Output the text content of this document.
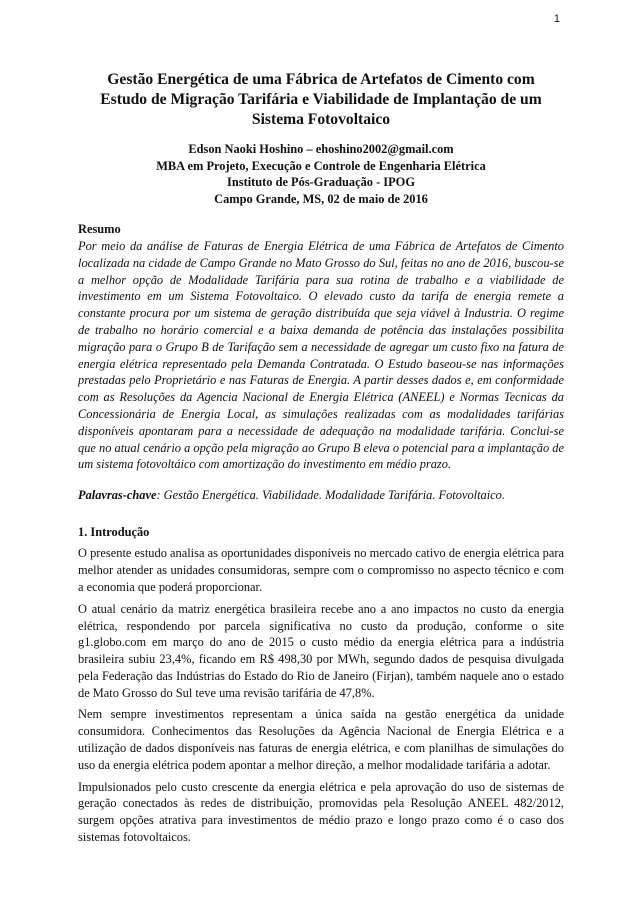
1
Gestão Energética de uma Fábrica de Artefatos de Cimento com Estudo de Migração Tarifária e Viabilidade de Implantação de um Sistema Fotovoltaico
Edson Naoki Hoshino – ehoshino2002@gmail.com
MBA em Projeto, Execução e Controle de Engenharia Elétrica
Instituto de Pós-Graduação - IPOG
Campo Grande, MS, 02 de maio de 2016
Resumo

Por meio da análise de Faturas de Energia Elétrica de uma Fábrica de Artefatos de Cimento localizada na cidade de Campo Grande no Mato Grosso do Sul, feitas no ano de 2016, buscou-se a melhor opção de Modalidade Tarifária para sua rotina de trabalho e a viabilidade de investimento em um Sistema Fotovoltaico. O elevado custo da tarifa de energia remete a constante procura por um sistema de geração distribuída que seja viável à Industria. O regime de trabalho no horário comercial e a baixa demanda de potência das instalações possibilita migração para o Grupo B de Tarifação sem a necessidade de agregar um custo fixo na fatura de energia elétrica representado pela Demanda Contratada. O Estudo baseou-se nas informações prestadas pelo Proprietário e nas Faturas de Energia. A partir desses dados e, em conformidade com as Resoluções da Agencia Nacional de Energia Elétrica (ANEEL) e Normas Tecnicas da Concessionária de Energia Local, as simulações realizadas com as modalidades tarifárias disponíveis apontaram para a necessidade de adequação na modalidade tarifária. Conclui-se que no atual cenário a opção pela migração ao Grupo B eleva o potencial para a implantação de um sistema fotovoltáico com amortização do investimento em médio prazo.

Palavras-chave: Gestão Energética. Viabilidade. Modalidade Tarifária. Fotovoltaico.

1. Introdução

O presente estudo analisa as oportunidades disponíveis no mercado cativo de energia elétrica para melhor atender as unidades consumidoras, sempre com o compromisso no aspecto técnico e com a economia que poderá proporcionar.

O atual cenário da matriz energética brasileira recebe ano a ano impactos no custo da energia elétrica, respondendo por parcela significativa no custo da produção, conforme o site g1.globo.com em março do ano de 2015 o custo médio da energia elétrica para a indústria brasileira subiu 23,4%, ficando em R$ 498,30 por MWh, segundo dados de pesquisa divulgada pela Federação das Indústrias do Estado do Rio de Janeiro (Firjan), também naquele ano o estado de Mato Grosso do Sul teve uma revisão tarifária de 47,8%.

Nem sempre investimentos representam a única saída na gestão energética da unidade consumidora. Conhecimentos das Resoluções da Agência Nacional de Energia Elétrica e a utilização de dados disponíveis nas faturas de energia elétrica, e com planilhas de simulações do uso da energia elétrica podem apontar a melhor direção, a melhor modalidade tarifária a adotar.

Impulsionados pelo custo crescente da energia elétrica e pela aprovação do uso de sistemas de geração conectados às redes de distribuição, promovidas pela Resolução ANEEL 482/2012, surgem opções atrativa para investimentos de médio prazo e longo prazo como é o caso dos sistemas fotovoltaicos.
